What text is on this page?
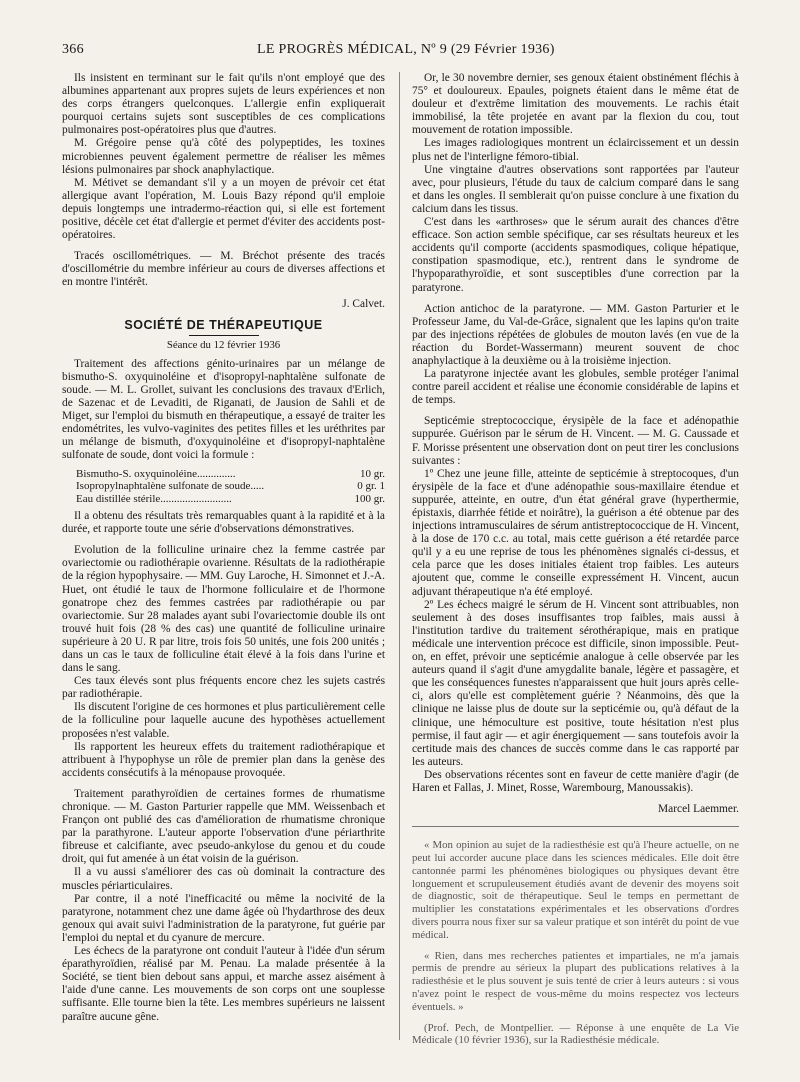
366	LE PROGRÈS MÉDICAL, Nº 9 (29 Février 1936)

Ils insistent en terminant sur le fait qu'ils n'ont employé que des albumines appartenant aux propres sujets de leurs expériences et non des corps étrangers quelconques. L'allergie enfin expliquerait pourquoi certains sujets sont susceptibles de ces complications pulmonaires post-opératoires plus que d'autres.

M. Grégoire pense qu'à côté des polypeptides, les toxines microbiennes peuvent également permettre de réaliser les mêmes lésions pulmonaires par shock anaphylactique.

M. Métivet se demandant s'il y a un moyen de prévoir cet état allergique avant l'opération, M. Louis Bazy répond qu'il emploie depuis longtemps une intradermo-réaction qui, si elle est fortement positive, décèle cet état d'allergie et permet d'éviter des accidents post-opératoires.

Tracés oscillométriques. — M. Bréchot présente des tracés d'oscillométrie du membre inférieur au cours de diverses affections et en montre l'intérêt.

J. Calvet.
SOCIÉTÉ DE THÉRAPEUTIQUE
Séance du 12 février 1936

Traitement des affections génito-urinaires par un mélange de bismutho-S. oxyquinoléine et d'isopropyl-naphtalène sulfonate de soude. — M. L. Grollet, suivant les conclusions des travaux d'Erlich, de Sazenac et de Levaditi, de Riganati, de Jausion de Sahli et de Miget, sur l'emploi du bismuth en thérapeutique, a essayé de traiter les endométrites, les vulvo-vaginites des petites filles et les uréthrites par un mélange de bismuth, d'oxyquinoléine et d'isopropyl-naphtalène sulfonate de soude, dont voici la formule :

Bismutho-S. oxyquinoléine..............	10 gr.
Isopropylnaphtalène sulfonate de soude.....	0 gr. 1
Eau distillée stérile..........................	100 gr.

Il a obtenu des résultats très remarquables quant à la rapidité et à la durée, et rapporte toute une série d'observations démonstratives.

Evolution de la folliculine urinaire chez la femme castrée par ovariectomie ou radiothérapie ovarienne. Résultats de la radiothérapie de la région hypophysaire. — MM. Guy Laroche, H. Simonnet et J.-A. Huet, ont étudié le taux de l'hormone folliculaire et de l'hormone gonatrope chez des femmes castrées par radiothérapie ou par ovariectomie. Sur 28 malades ayant subi l'ovariectomie double ils ont trouvé huit fois (28 % des cas) une quantité de folliculine urinaire supérieure à 20 U. R par litre, trois fois 50 unités, une fois 200 unités ; dans un cas le taux de folliculine était élevé à la fois dans l'urine et dans le sang.

Ces taux élevés sont plus fréquents encore chez les sujets castrés par radiothérapie.

Ils discutent l'origine de ces hormones et plus particulièrement celle de la folliculine pour laquelle aucune des hypothèses actuellement proposées n'est valable.

Ils rapportent les heureux effets du traitement radiothérapique et attribuent à l'hypophyse un rôle de premier plan dans la genèse des accidents consécutifs à la ménopause provoquée.

Traitement parathyroïdien de certaines formes de rhumatisme chronique. — M. Gaston Parturier rappelle que MM. Weissenbach et Françon ont publié des cas d'amélioration de rhumatisme chronique par la parathyrone. L'auteur apporte l'observation d'une périarthrite fibreuse et calcifiante, avec pseudo-ankylose du genou et du coude droit, qui fut amenée à un état voisin de la guérison.

Il a vu aussi s'améliorer des cas où dominait la contracture des muscles périarticulaires.

Par contre, il a noté l'inefficacité ou même la nocivité de la paratyrone, notamment chez une dame âgée où l'hydarthrose des deux genoux qui avait suivi l'administration de la paratyrone, fut guérie par l'emploi du neptal et du cyanure de mercure.

Les échecs de la paratyrone ont conduit l'auteur à l'idée d'un sérum éparathyroïdien, réalisé par M. Penau. La malade présentée à la Société, se tient bien debout sans appui, et marche assez aisément à l'aide d'une canne. Les mouvements de son corps ont une souplesse suffisante. Elle tourne bien la tête. Les membres supérieurs ne laissent paraître aucune gêne.

Or, le 30 novembre dernier, ses genoux étaient obstinément fléchis à 75° et douloureux. Epaules, poignets étaient dans le même état de douleur et d'extrême limitation des mouvements. Le rachis était immobilisé, la tête projetée en avant par la flexion du cou, tout mouvement de rotation impossible.

Les images radiologiques montrent un éclaircissement et un dessin plus net de l'interligne fémoro-tibial.

Une vingtaine d'autres observations sont rapportées par l'auteur avec, pour plusieurs, l'étude du taux de calcium comparé dans le sang et dans les ongles. Il semblerait qu'on puisse conclure à une fixation du calcium dans les tissus.

C'est dans les «arthroses» que le sérum aurait des chances d'être efficace. Son action semble spécifique, car ses résultats heureux et les accidents qu'il comporte (accidents spasmodiques, colique hépatique, constipation spasmodique, etc.), rentrent dans le syndrome de l'hypoparathyroïdie, et sont susceptibles d'une correction par la paratyrone.

Action antichoc de la paratyrone. — MM. Gaston Parturier et le Professeur Jame, du Val-de-Grâce, signalent que les lapins qu'on traite par des injections répétées de globules de mouton lavés (en vue de la réaction du Bordet-Wassermann) meurent souvent de choc anaphylactique à la deuxième ou à la troisième injection.

La paratyrone injectée avant les globules, semble protéger l'animal contre pareil accident et réalise une économie considérable de lapins et de temps.

Septicémie streptococcique, érysipèle de la face et adénopathie suppurée. Guérison par le sérum de H. Vincent. — M. G. Caussade et F. Morisse présentent une observation dont on peut tirer les conclusions suivantes :

1º Chez une jeune fille, atteinte de septicémie à streptocoques, d'un érysipèle de la face et d'une adénopathie sous-maxillaire étendue et suppurée, atteinte, en outre, d'un état général grave (hyperthermie, épistaxis, diarrhée fétide et noirâtre), la guérison a été obtenue par des injections intramusculaires de sérum antistreptococcique de H. Vincent, à la dose de 170 c.c. au total, mais cette guérison a été retardée parce qu'il y a eu une reprise de tous les phénomènes signalés ci-dessus, et cela parce que les doses initiales étaient trop faibles. Les auteurs ajoutent que, comme le conseille expressément H. Vincent, aucun adjuvant thérapeutique n'a été employé.

2º Les échecs maigré le sérum de H. Vincent sont attribuables, non seulement à des doses insuffisantes trop faibles, mais aussi à l'institution tardive du traitement sérothérapique, mais en pratique médicale une intervention précoce est difficile, sinon impossible. Peut-on, en effet, prévoir une septicémie analogue à celle observée par les auteurs quand il s'agit d'une amygdalite banale, légère et passagère, et que les conséquences funestes n'apparaissent que huit jours après celle-ci, alors qu'elle est complètement guérie ? Néanmoins, dès que la clinique ne laisse plus de doute sur la septicémie ou, qu'à défaut de la clinique, une hémoculture est positive, toute hésitation n'est plus permise, il faut agir — et agir énergiquement — sans toutefois avoir la certitude mais des chances de succès comme dans le cas rapporté par les auteurs.

Des observations récentes sont en faveur de cette manière d'agir (de Haren et Fallas, J. Minet, Rosse, Warembourg, Manoussakis).

Marcel Laemmer.

« Mon opinion au sujet de la radiesthésie est qu'à l'heure actuelle, on ne peut lui accorder aucune place dans les sciences médicales. Elle doit être cantonnée parmi les phénomènes biologiques ou physiques devant être longuement et scrupuleusement étudiés avant de devenir des moyens soit de diagnostic, soit de thérapeutique. Seul le temps en permettant de multiplier les constatations expérimentales et les observations d'ordres divers pourra nous fixer sur sa valeur pratique et son intérêt du point de vue médical.

« Rien, dans mes recherches patientes et impartiales, ne m'a jamais permis de prendre au sérieux la plupart des publications relatives à la radiesthésie et le plus souvent je suis tenté de crier à leurs auteurs : si vous n'avez point le respect de vous-même du moins respectez vos lecteurs éventuels. »

(Prof. Pech, de Montpellier. — Réponse à une enquête de La Vie Médicale (10 février 1936), sur la Radiesthésie médicale.
